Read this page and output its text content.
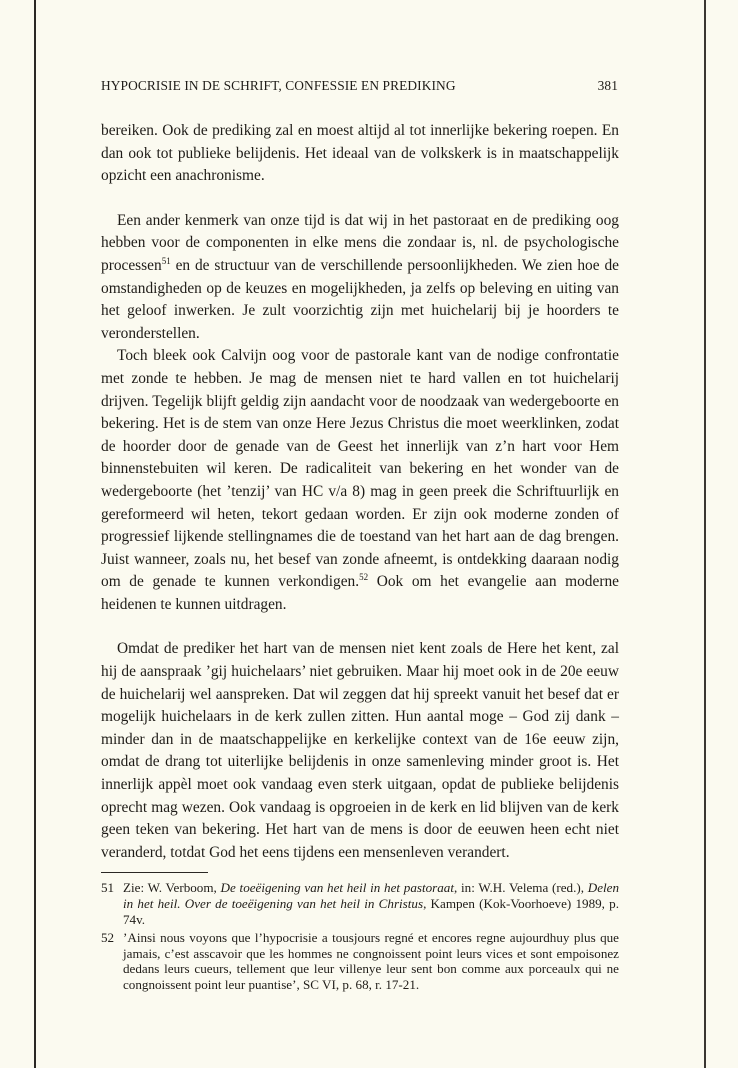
HYPOCRISIE IN DE SCHRIFT, CONFESSIE EN PREDIKING	381

bereiken. Ook de prediking zal en moest altijd al tot innerlijke bekering roepen. En dan ook tot publieke belijdenis. Het ideaal van de volkskerk is in maatschappelijk opzicht een anachronisme.

Een ander kenmerk van onze tijd is dat wij in het pastoraat en de prediking oog hebben voor de componenten in elke mens die zondaar is, nl. de psychologische processen$^{51}$ en de structuur van de verschillende persoonlijkheden. We zien hoe de omstandigheden op de keuzes en mogelijkheden, ja zelfs op beleving en uiting van het geloof inwerken. Je zult voorzichtig zijn met huichelarij bij je hoorders te veronderstellen.

Toch bleek ook Calvijn oog voor de pastorale kant van de nodige confrontatie met zonde te hebben. Je mag de mensen niet te hard vallen en tot huichelarij drijven. Tegelijk blijft geldig zijn aandacht voor de noodzaak van wedergeboorte en bekering. Het is de stem van onze Here Jezus Christus die moet weerklinken, zodat de hoorder door de genade van de Geest het innerlijk van z’n hart voor Hem binnenstebuiten wil keren. De radicaliteit van bekering en het wonder van de wedergeboorte (het ’tenzij’ van HC v/a 8) mag in geen preek die Schriftuurlijk en gereformeerd wil heten, tekort gedaan worden. Er zijn ook moderne zonden of progressief lijkende stellingnames die de toestand van het hart aan de dag brengen. Juist wanneer, zoals nu, het besef van zonde afneemt, is ontdekking daaraan nodig om de genade te kunnen verkondigen.$^{52}$ Ook om het evangelie aan moderne heidenen te kunnen uitdragen.

Omdat de prediker het hart van de mensen niet kent zoals de Here het kent, zal hij de aanspraak ’gij huichelaars’ niet gebruiken. Maar hij moet ook in de 20e eeuw de huichelarij wel aanspreken. Dat wil zeggen dat hij spreekt vanuit het besef dat er mogelijk huichelaars in de kerk zullen zitten. Hun aantal moge – God zij dank – minder dan in de maatschappelijke en kerkelijke context van de 16e eeuw zijn, omdat de drang tot uiterlijke belijdenis in onze samenleving minder groot is. Het innerlijk appèl moet ook vandaag even sterk uitgaan, opdat de publieke belijdenis oprecht mag wezen. Ook vandaag is opgroeien in de kerk en lid blijven van de kerk geen teken van bekering. Het hart van de mens is door de eeuwen heen echt niet veranderd, totdat God het eens tijdens een mensenleven verandert.

51 Zie: W. Verboom, De toeëigening van het heil in het pastoraat, in: W.H. Velema (red.), Delen in het heil. Over de toeëigening van het heil in Christus, Kampen (Kok-Voorhoeve) 1989, p. 74v.
52 ’Ainsi nous voyons que l’hypocrisie a tousjours regné et encores regne aujourdhuy plus que jamais, c’est asscavoir que les hommes ne congnoissent point leurs vices et sont empoisonez dedans leurs cueurs, tellement que leur villenye leur sent bon comme aux porceaulx qui ne congnoissent point leur puantise’, SC VI, p. 68, r. 17-21.
